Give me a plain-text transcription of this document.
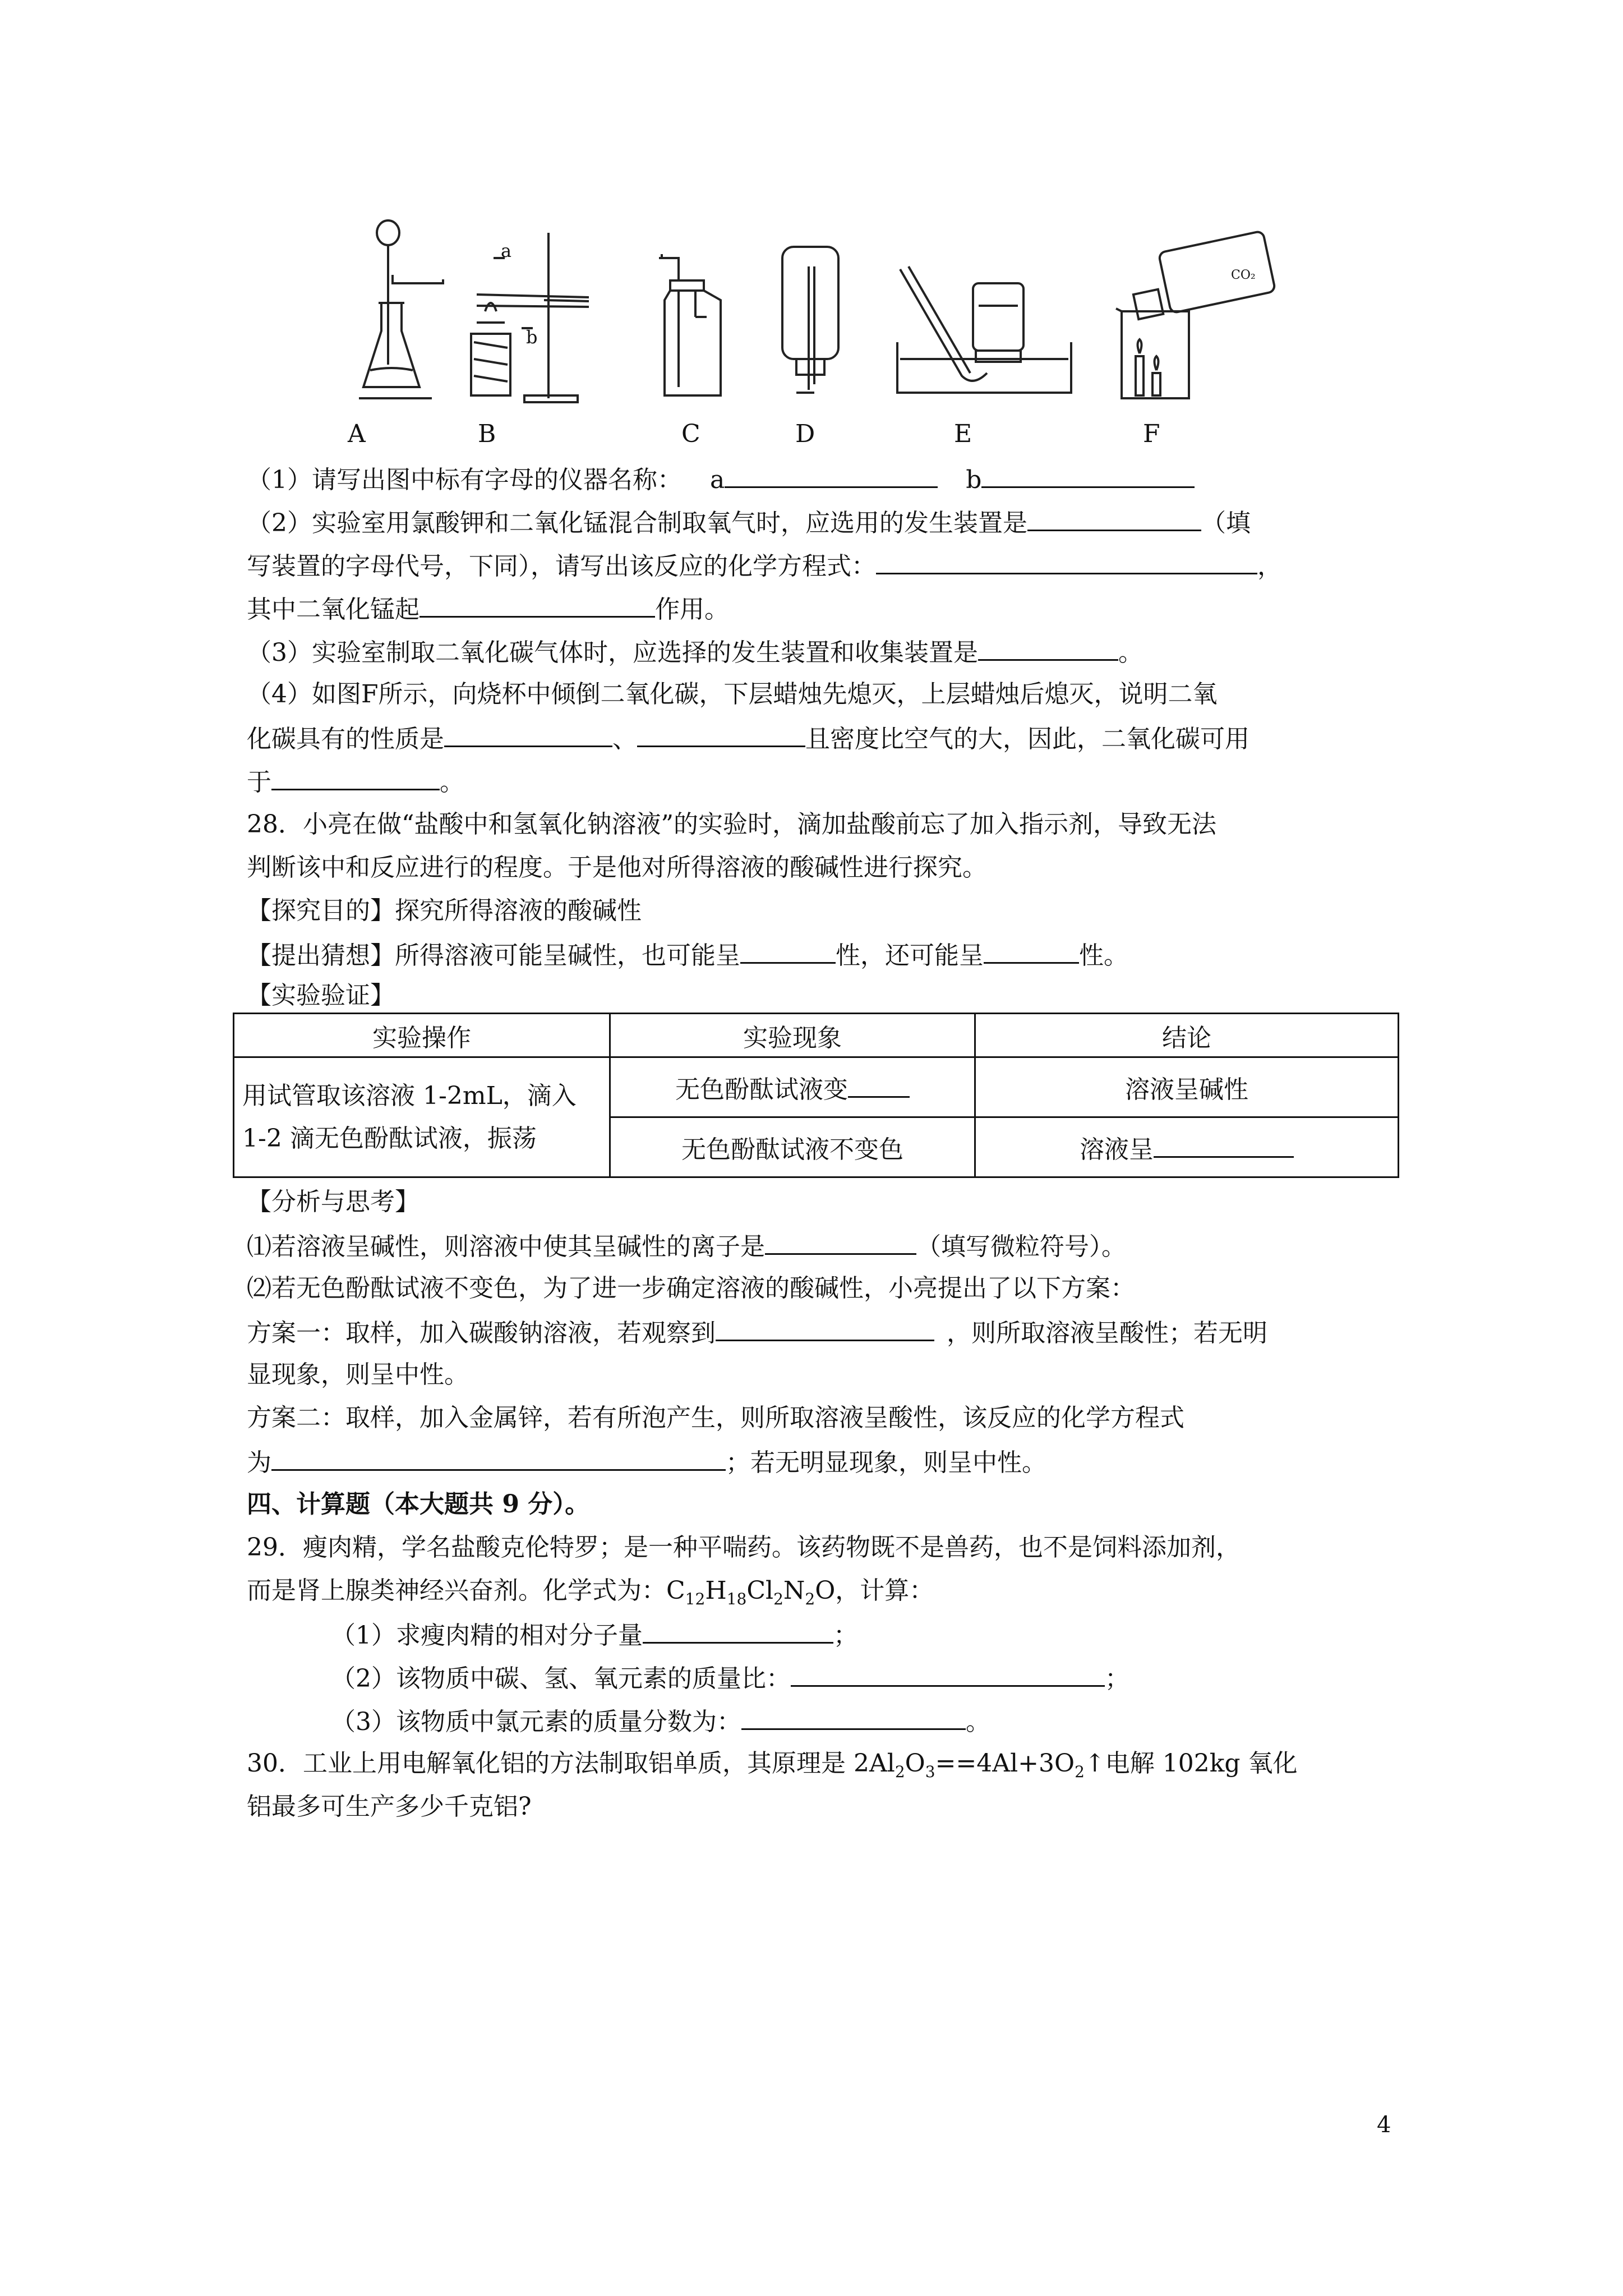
a
b
CO₂
A	B	C	D	E	F
（1）请写出图中标有字母的仪器名称： a	b
（2）实验室用氯酸钾和二氧化锰混合制取氧气时，应选用的发生装置是	（填
写装置的字母代号，下同），请写出该反应的化学方程式：	，
其中二氧化锰起	作用。
（3）实验室制取二氧化碳气体时，应选择的发生装置和收集装置是	。
（4）如图F所示，向烧杯中倾倒二氧化碳，下层蜡烛先熄灭，上层蜡烛后熄灭，说明二氧
化碳具有的性质是	、	且密度比空气的大，因此，二氧化碳可用
于	。
28．小亮在做“盐酸中和氢氧化钠溶液”的实验时，滴加盐酸前忘了加入指示剂，导致无法
判断该中和反应进行的程度。于是他对所得溶液的酸碱性进行探究。
【探究目的】探究所得溶液的酸碱性
【提出猜想】所得溶液可能呈碱性，也可能呈	性，还可能呈	性。
【实验验证】
实验操作	实验现象	结论

用试管取该溶液 1-2mL，滴入
1-2 滴无色酚酞试液，振荡	无色酚酞试液变	溶液呈碱性
	无色酚酞试液不变色	溶液呈
【分析与思考】
⑴若溶液呈碱性，则溶液中使其呈碱性的离子是	（填写微粒符号）。
⑵若无色酚酞试液不变色，为了进一步确定溶液的酸碱性，小亮提出了以下方案：
方案一：取样，加入碳酸钠溶液，若观察到	，则所取溶液呈酸性；若无明
显现象，则呈中性。
方案二：取样，加入金属锌，若有所泡产生，则所取溶液呈酸性，该反应的化学方程式
为	；若无明显现象，则呈中性。
四、计算题（本大题共 9 分）。
29．瘦肉精，学名盐酸克伦特罗；是一种平喘药。该药物既不是兽药，也不是饲料添加剂，
而是肾上腺类神经兴奋剂。化学式为：$C_{12}H_{18}Cl_2N_2O$，计算：
（1）求瘦肉精的相对分子量	；
（2）该物质中碳、氢、氧元素的质量比：	；
（3）该物质中氯元素的质量分数为：	。
30．工业上用电解氧化铝的方法制取铝单质，其原理是 $2Al_2O_3==4Al+3O_2↑$电解 102kg 氧化
铝最多可生产多少千克铝?
4
